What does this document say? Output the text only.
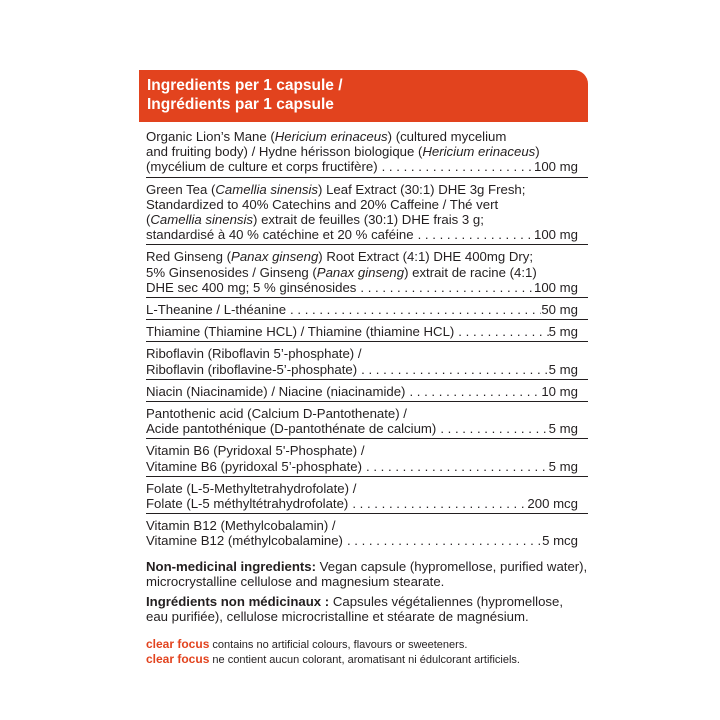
Ingredients per 1 capsule /
Ingrédients par 1 capsule
Organic Lion’s Mane (Hericium erinaceus) (cultured mycelium
and fruiting body) / Hydne hérisson biologique (Hericium erinaceus)
(mycélium de culture et corps fructifère) . . .	100 mg
Green Tea (Camellia sinensis) Leaf Extract (30:1) DHE 3g Fresh;
Standardized to 40% Catechins and 20% Caffeine / Thé vert
(Camellia sinensis) extrait de feuilles (30:1) DHE frais 3 g;
standardisé à 40 % catéchine et 20 % caféine . . .	100 mg
Red Ginseng (Panax ginseng) Root Extract (4:1) DHE 400mg Dry;
5% Ginsenosides / Ginseng (Panax ginseng) extrait de racine (4:1)
DHE sec 400 mg; 5 % ginsénosides . . .	100 mg
L-Theanine / L-théanine . . .	50 mg
Thiamine (Thiamine HCL) / Thiamine (thiamine HCL) . . .	5 mg
Riboflavin (Riboflavin 5’-phosphate) /
Riboflavin (riboflavine-5’-phosphate) . . .	5 mg
Niacin (Niacinamide) / Niacine (niacinamide) . . .	10 mg
Pantothenic acid (Calcium D-Pantothenate) /
Acide pantothénique (D-pantothénate de calcium) . . .	5 mg
Vitamin B6 (Pyridoxal 5'-Phosphate) /
Vitamine B6 (pyridoxal 5’-phosphate) . . .	5 mg
Folate (L-5-Methyltetrahydrofolate) /
Folate (L-5 méthyltétrahydrofolate) . . .	200 mcg
Vitamin B12 (Methylcobalamin) /
Vitamine B12 (méthylcobalamine) . . .	5 mcg

Non-medicinal ingredients: Vegan capsule (hypromellose, purified water), microcrystalline cellulose and magnesium stearate.

Ingrédients non médicinaux : Capsules végétaliennes (hypromellose, eau purifiée), cellulose microcristalline et stéarate de magnésium.

clear focus contains no artificial colours, flavours or sweeteners.

clear focus ne contient aucun colorant, aromatisant ni édulcorant artificiels.
